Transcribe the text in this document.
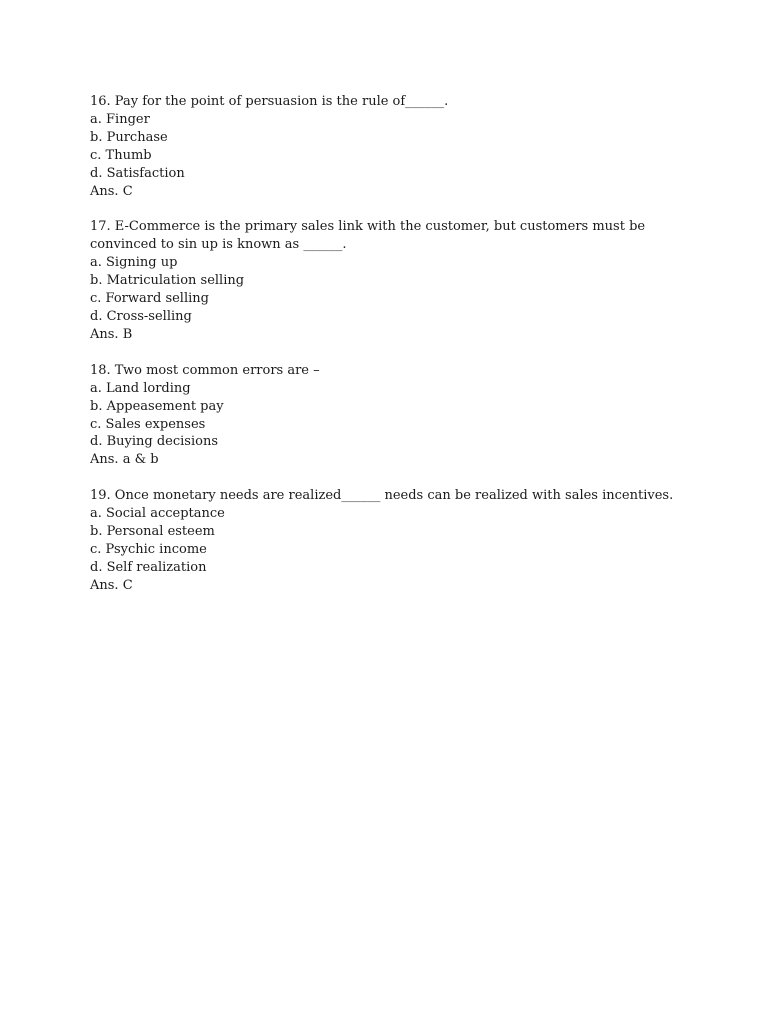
16. Pay for the point of persuasion is the rule of______.
a. Finger
b. Purchase
c. Thumb
d. Satisfaction
Ans. C
17. E-Commerce is the primary sales link with the customer, but customers must be convinced to sin up is known as ______.
a. Signing up
b. Matriculation selling
c. Forward selling
d. Cross-selling
Ans. B
18. Two most common errors are –
a. Land lording
b. Appeasement pay
c. Sales expenses
d. Buying decisions
Ans. a & b
19. Once monetary needs are realized______ needs can be realized with sales incentives.
a. Social acceptance
b. Personal esteem
c. Psychic income
d. Self realization
Ans. C
